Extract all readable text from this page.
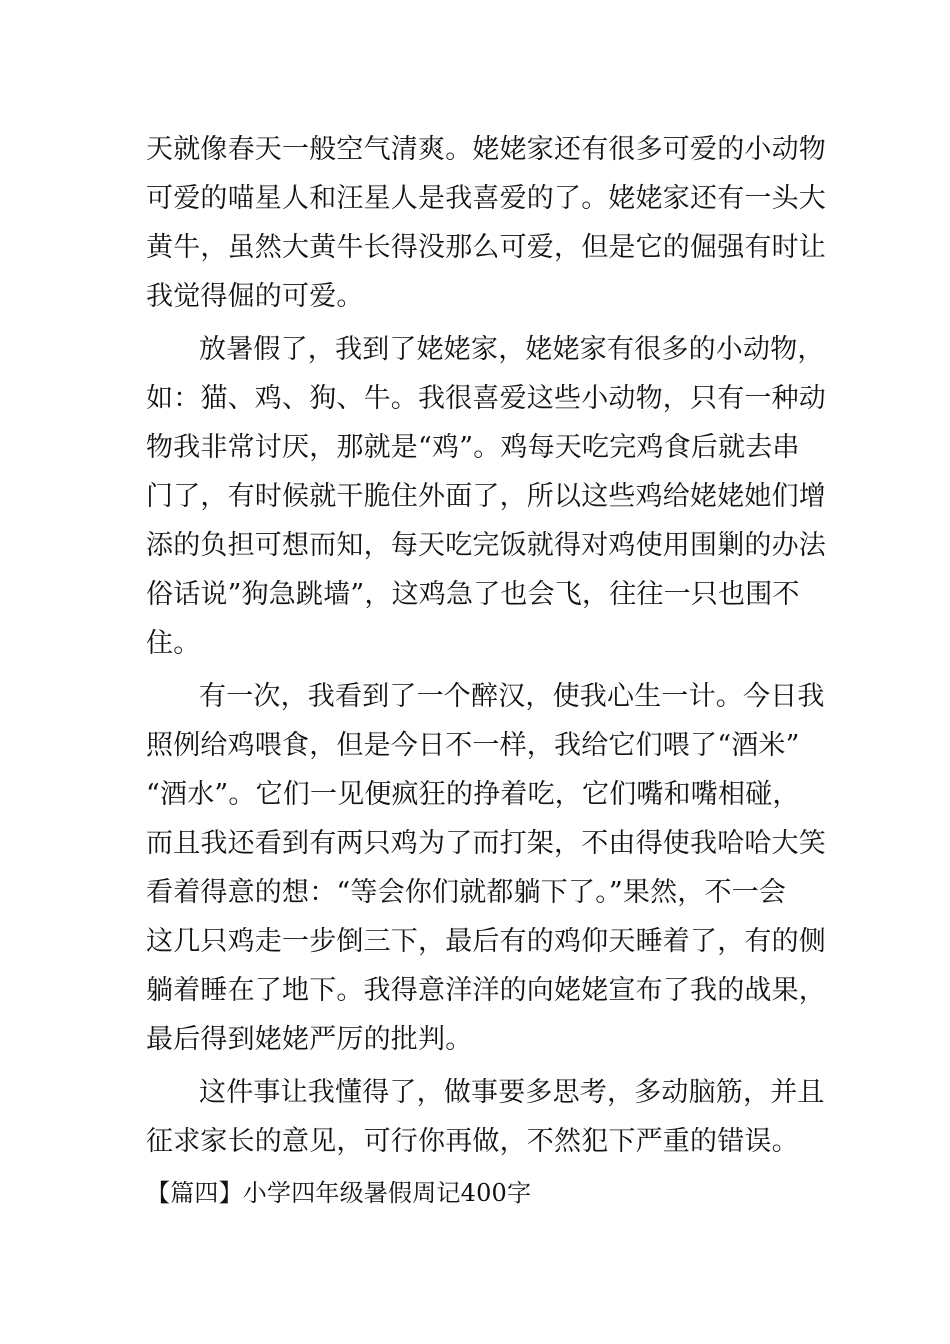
天就像春天一般空气清爽。姥姥家还有很多可爱的小动物
可爱的喵星人和汪星人是我喜爱的了。姥姥家还有一头大
黄牛，虽然大黄牛长得没那么可爱，但是它的倔强有时让
我觉得倔的可爱。
放暑假了，我到了姥姥家，姥姥家有很多的小动物，
如：猫、鸡、狗、牛。我很喜爱这些小动物，只有一种动
物我非常讨厌，那就是“鸡”。鸡每天吃完鸡食后就去串
门了，有时候就干脆住外面了，所以这些鸡给姥姥她们增
添的负担可想而知，每天吃完饭就得对鸡使用围剿的办法
俗话说”狗急跳墙”，这鸡急了也会飞，往往一只也围不
住。
有一次，我看到了一个醉汉，使我心生一计。今日我
照例给鸡喂食，但是今日不一样，我给它们喂了“酒米”
“酒水”。它们一见便疯狂的挣着吃，它们嘴和嘴相碰，
而且我还看到有两只鸡为了而打架，不由得使我哈哈大笑
看着得意的想：“等会你们就都躺下了。”果然，不一会
这几只鸡走一步倒三下，最后有的鸡仰天睡着了，有的侧
躺着睡在了地下。我得意洋洋的向姥姥宣布了我的战果，
最后得到姥姥严厉的批判。
这件事让我懂得了，做事要多思考，多动脑筋，并且
征求家长的意见，可行你再做，不然犯下严重的错误。
【篇四】小学四年级暑假周记400字
